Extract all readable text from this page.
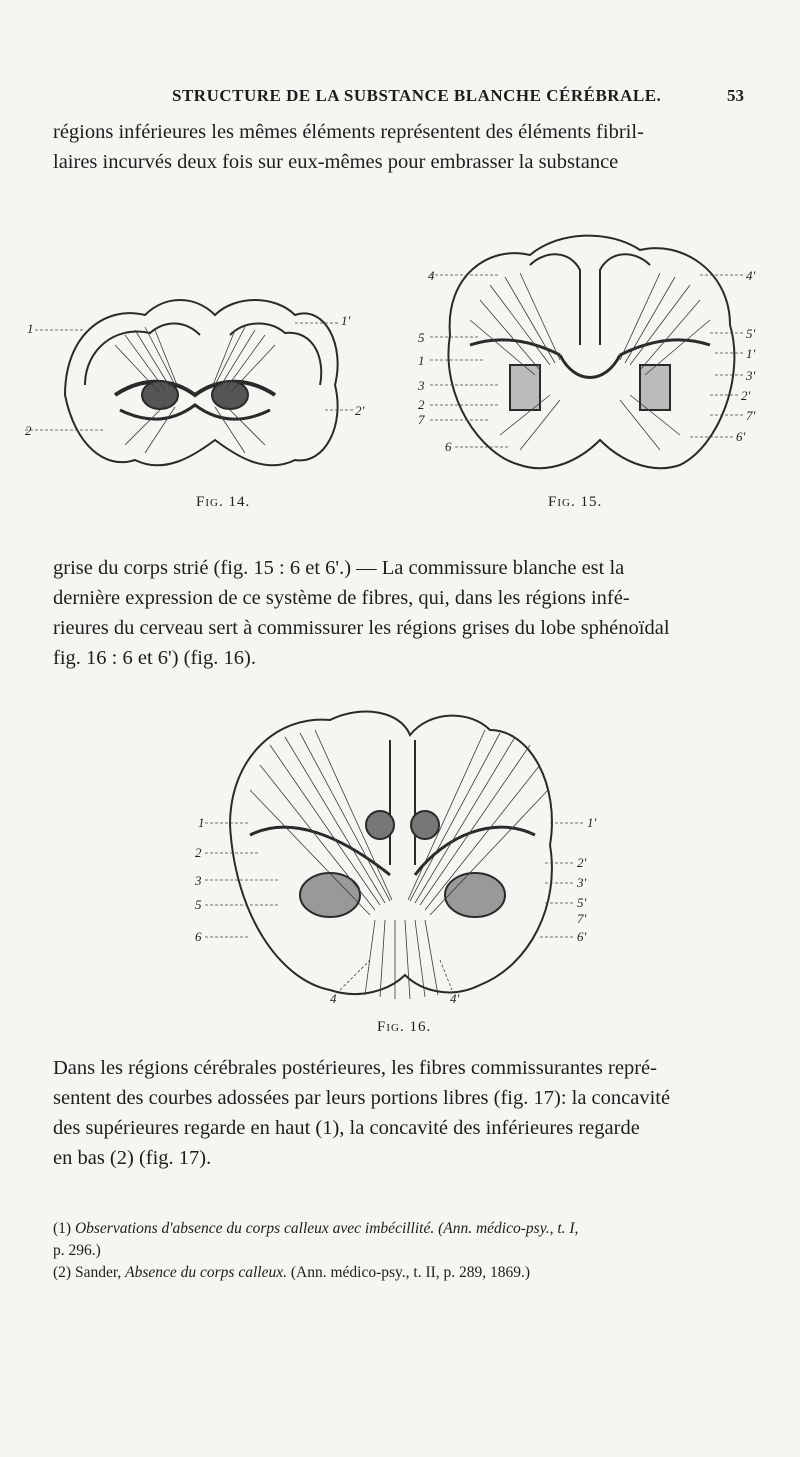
STRUCTURE DE LA SUBSTANCE BLANCHE CÉRÉBRALE.	53
régions inférieures les mêmes éléments représentent des éléments fibril-
laires incurvés deux fois sur eux-mêmes pour embrasser la substance
1
1'
2
2'
Fig. 14.
4	4'
5	5'
1	1'
3
3'
2
2'
7	7'
6
6'
Fig. 15.
grise du corps strié (fig. 15 : 6 et 6'.) — La commissure blanche est la
dernière expression de ce système de fibres, qui, dans les régions infé-
rieures du cerveau sert à commissurer les régions grises du lobe sphénoïdal
fig. 16 : 6 et 6') (fig. 16).
1	1'
2
2'
3	3'
5	5'
6	6'
7'
4	4'
Fig. 16.
Dans les régions cérébrales postérieures, les fibres commissurantes repré-
sentent des courbes adossées par leurs portions libres (fig. 17): la concavité
des supérieures regarde en haut (1), la concavité des inférieures regarde
en bas (2) (fig. 17).
(1) Observations d'absence du corps calleux avec imbécillité. (Ann. médico-psy., t. I,
p. 296.)
(2) Sander, Absence du corps calleux. (Ann. médico-psy., t. II, p. 289, 1869.)
